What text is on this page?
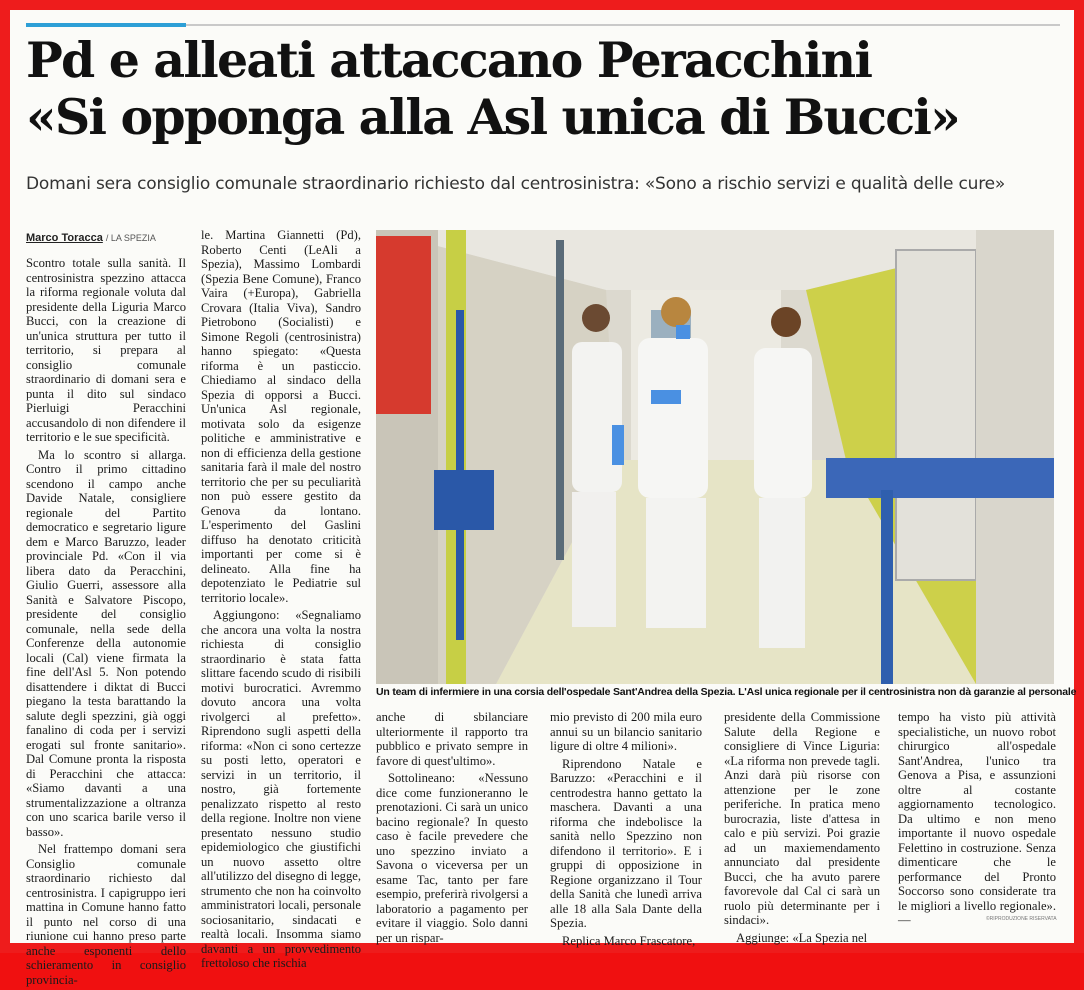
Pd e alleati attaccano Peracchini
«Si opponga alla Asl unica di Bucci»
Domani sera consiglio comunale straordinario richiesto dal centrosinistra: «Sono a rischio servizi e qualità delle cure»
Marco Toracca / LA SPEZIA

Scontro totale sulla sanità. Il centrosinistra spezzino attacca la riforma regionale voluta dal presidente della Liguria Marco Bucci, con la creazione di un'unica struttura per tutto il territorio, si prepara al consiglio comunale straordinario di domani sera e punta il dito sul sindaco Pierluigi Peracchini accusandolo di non difendere il territorio e le sue specificità.

Ma lo scontro si allarga. Contro il primo cittadino scendono il campo anche Davide Natale, consigliere regionale del Partito democratico e segretario ligure dem e Marco Baruzzo, leader provinciale Pd. «Con il via libera dato da Peracchini, Giulio Guerri, assessore alla Sanità e Salvatore Piscopo, presidente del consiglio comunale, nella sede della Conferenze della autonomie locali (Cal) viene firmata la fine dell'Asl 5. Non potendo disattendere i diktat di Bucci piegano la testa barattando la salute degli spezzini, già oggi fanalino di coda per i servizi erogati sul fronte sanitario». Dal Comune pronta la risposta di Peracchini che attacca: «Siamo davanti a una strumentalizzazione a oltranza con uno scarica barile verso il basso».

Nel frattempo domani sera Consiglio comunale straordinario richiesto dal centrosinistra. I capigruppo ieri mattina in Comune hanno fatto il punto nel corso di una riunione cui hanno preso parte anche esponenti dello schieramento in consiglio provincia-

le. Martina Giannetti (Pd), Roberto Centi (LeAli a Spezia), Massimo Lombardi (Spezia Bene Comune), Franco Vaira (+Europa), Gabriella Crovara (Italia Viva), Sandro Pietrobono (Socialisti) e Simone Regoli (centrosinistra) hanno spiegato: «Questa riforma è un pasticcio. Chiediamo al sindaco della Spezia di opporsi a Bucci. Un'unica Asl regionale, motivata solo da esigenze politiche e amministrative e non di efficienza della gestione sanitaria farà il male del nostro territorio che per su peculiarità non può essere gestito da Genova da lontano. L'esperimento del Gaslini diffuso ha denotato criticità importanti per come si è delineato. Alla fine ha depotenziato le Pediatrie sul territorio locale».

Aggiungono: «Segnaliamo che ancora una volta la nostra richiesta di consiglio straordinario è stata fatta slittare facendo scudo di risibili motivi burocratici. Avremmo dovuto ancora una volta rivolgerci al prefetto». Riprendono sugli aspetti della riforma: «Non ci sono certezze su posti letto, operatori e servizi in un territorio, il nostro, già fortemente penalizzato rispetto al resto della regione. Inoltre non viene presentato nessuno studio epidemiologico che giustifichi un nuovo assetto oltre all'utilizzo del disegno di legge, strumento che non ha coinvolto amministratori locali, personale sociosanitario, sindacati e realtà locali. Insomma siamo davanti a un provvedimento frettoloso che rischia

Un team di infermiere in una corsia dell'ospedale Sant'Andrea della Spezia. L'Asl unica regionale per il centrosinistra non dà garanzie al personale

anche di sbilanciare ulteriormente il rapporto tra pubblico e privato sempre in favore di quest'ultimo».

Sottolineano: «Nessuno dice come funzioneranno le prenotazioni. Ci sarà un unico bacino regionale? In questo caso è facile prevedere che uno spezzino inviato a Savona o viceversa per un esame Tac, tanto per fare esempio, preferirà rivolgersi a laboratorio a pagamento per evitare il viaggio. Solo danni per un rispar-

mio previsto di 200 mila euro annui su un bilancio sanitario ligure di oltre 4 milioni».

Riprendono Natale e Baruzzo: «Peracchini e il centrodestra hanno gettato la maschera. Davanti a una riforma che indebolisce la sanità nello Spezzino non difendono il territorio». E i gruppi di opposizione in Regione organizzano il Tour della Sanità che lunedì arriva alle 18 alla Sala Dante della Spezia.

Replica Marco Frascatore,

presidente della Commissione Salute della Regione e consigliere di Vince Liguria: «La riforma non prevede tagli. Anzi darà più risorse con attenzione per le zone periferiche. In pratica meno burocrazia, liste d'attesa in calo e più servizi. Poi grazie ad un maxiemendamento annunciato dal presidente Bucci, che ha avuto parere favorevole dal Cal ci sarà un ruolo più determinante per i sindaci».

Aggiunge: «La Spezia nel

tempo ha visto più attività specialistiche, un nuovo robot chirurgico all'ospedale Sant'Andrea, l'unico tra Genova a Pisa, e assunzioni oltre al costante aggiornamento tecnologico. Da ultimo e non meno importante il nuovo ospedale Felettino in costruzione. Senza dimenticare che le performance del Pronto Soccorso sono considerate tra le migliori a livello regionale». —	©RIPRODUZIONE RISERVATA
